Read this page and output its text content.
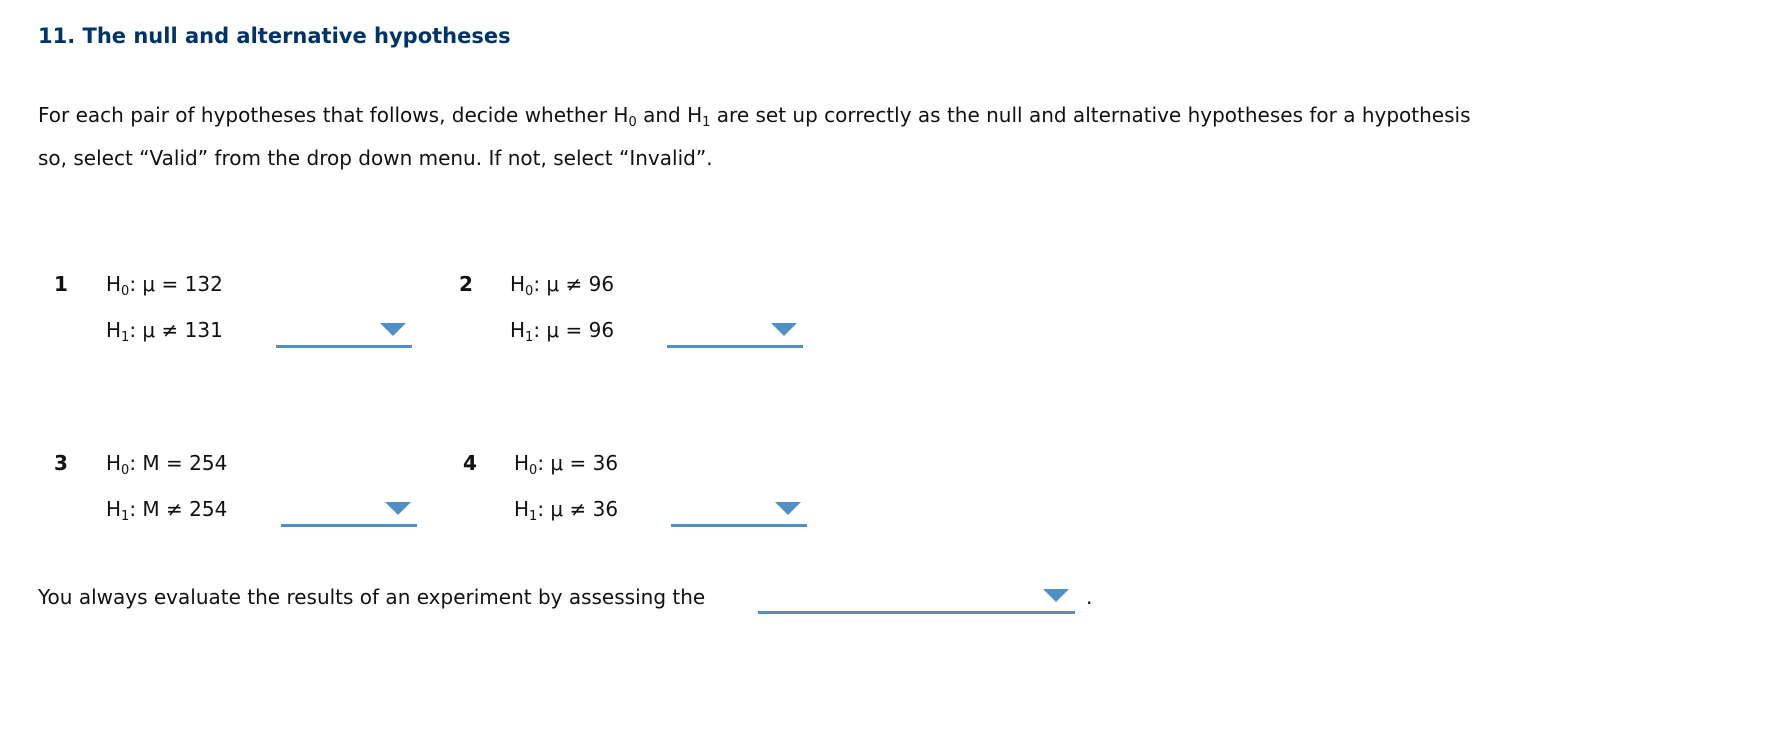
11. The null and alternative hypotheses

For each pair of hypotheses that follows, decide whether $H_0$ and $H_1$ are set up correctly as the null and alternative hypotheses for a hypothesis

so, select “Valid” from the drop down menu. If not, select “Invalid”.

1 $H_0$: μ = 132
$H_1$: μ ≠ 131
2 $H_0$: μ ≠ 96
$H_1$: μ = 96
3 $H_0$: M = 254
$H_1$: M ≠ 254
4 $H_0$: μ = 36
$H_1$: μ ≠ 36
You always evaluate the results of an experiment by assessing the	.
